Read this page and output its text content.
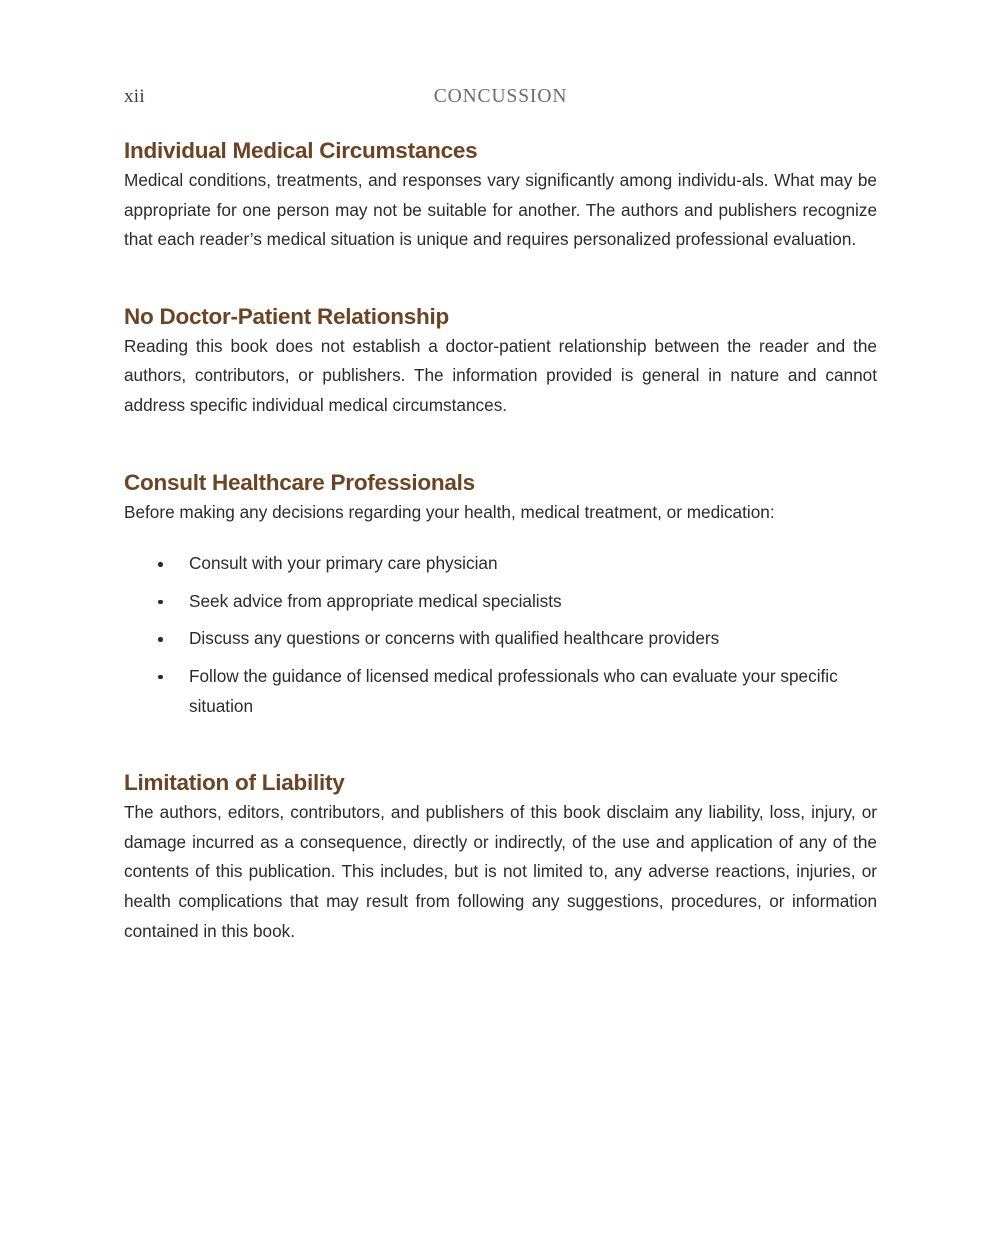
xii	CONCUSSION
Individual Medical Circumstances

Medical conditions, treatments, and responses vary significantly among individu-als. What may be appropriate for one person may not be suitable for another. The authors and publishers recognize that each reader’s medical situation is unique and requires personalized professional evaluation.

No Doctor-Patient Relationship

Reading this book does not establish a doctor-patient relationship between the reader and the authors, contributors, or publishers. The information provided is general in nature and cannot address specific individual medical circumstances.

Consult Healthcare Professionals

Before making any decisions regarding your health, medical treatment, or medication:

Consult with your primary care physician
Seek advice from appropriate medical specialists
Discuss any questions or concerns with qualified healthcare providers
Follow the guidance of licensed medical professionals who can evaluate your specific situation
Limitation of Liability

The authors, editors, contributors, and publishers of this book disclaim any liability, loss, injury, or damage incurred as a consequence, directly or indirectly, of the use and application of any of the contents of this publication. This includes, but is not limited to, any adverse reactions, injuries, or health complications that may result from following any suggestions, procedures, or information contained in this book.
